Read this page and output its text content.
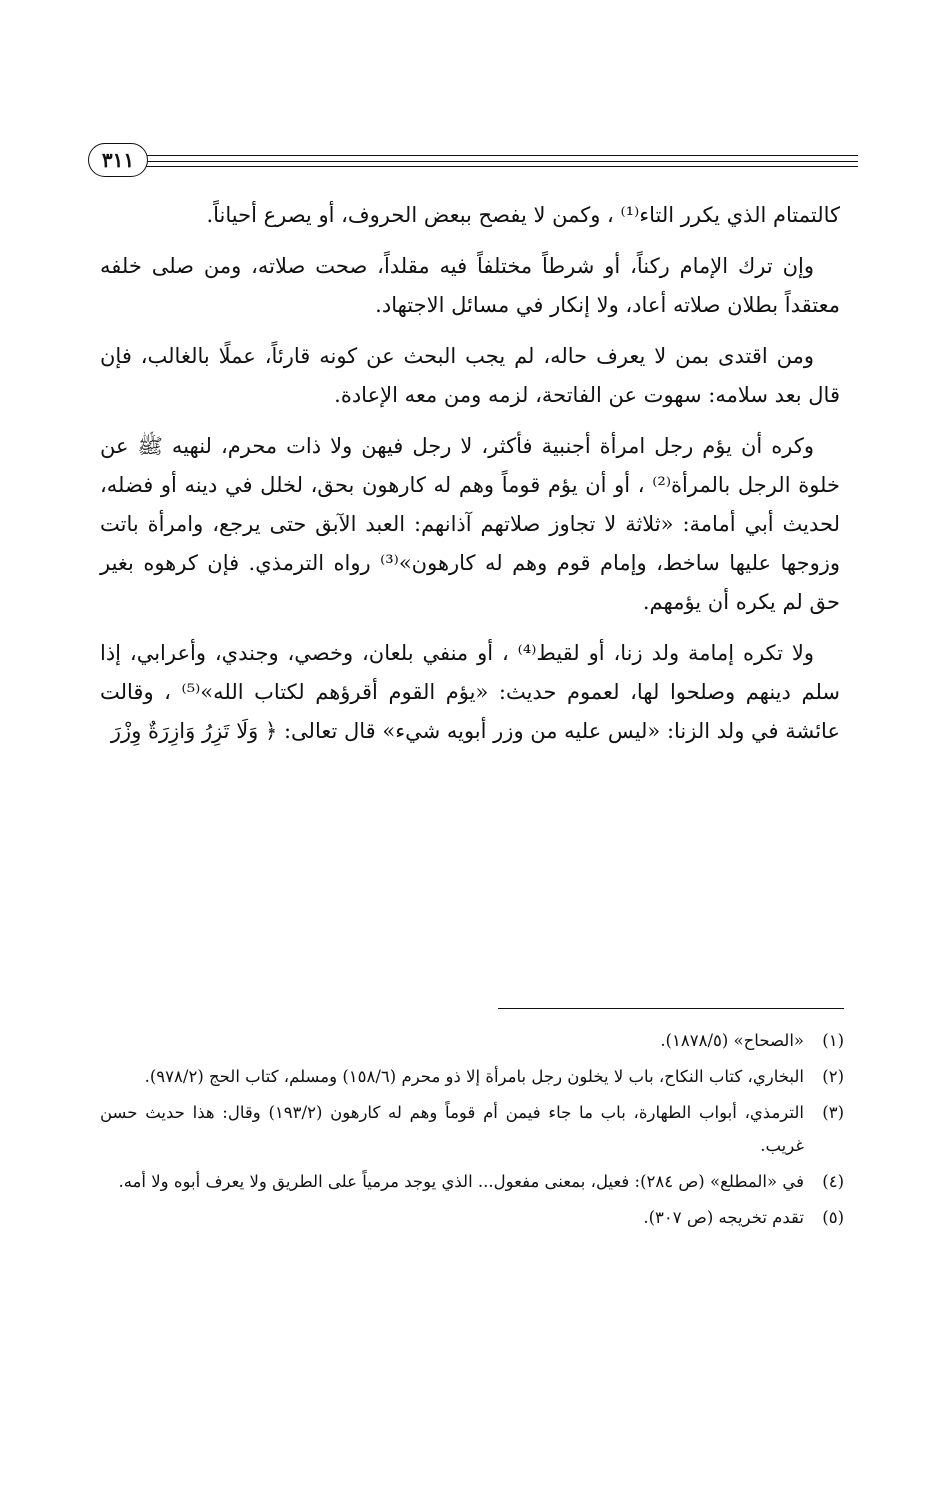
٣١١

كالتمتام الذي يكرر التاء⁽¹⁾ ، وكمن لا يفصح ببعض الحروف، أو يصرع أحياناً.

وإن ترك الإمام ركناً، أو شرطاً مختلفاً فيه مقلداً، صحت صلاته، ومن صلى خلفه معتقداً بطلان صلاته أعاد، ولا إنكار في مسائل الاجتهاد.

ومن اقتدى بمن لا يعرف حاله، لم يجب البحث عن كونه قارئاً، عملًا بالغالب، فإن قال بعد سلامه: سهوت عن الفاتحة، لزمه ومن معه الإعادة.

وكره أن يؤم رجل امرأة أجنبية فأكثر، لا رجل فيهن ولا ذات محرم، لنهيه ﷺ عن خلوة الرجل بالمرأة⁽²⁾ ، أو أن يؤم قوماً وهم له كارهون بحق، لخلل في دينه أو فضله، لحديث أبي أمامة: «ثلاثة لا تجاوز صلاتهم آذانهم: العبد الآبق حتى يرجع، وامرأة باتت وزوجها عليها ساخط، وإمام قوم وهم له كارهون»⁽³⁾ رواه الترمذي. فإن كرهوه بغير حق لم يكره أن يؤمهم.

ولا تكره إمامة ولد زنا، أو لقيط⁽⁴⁾ ، أو منفي بلعان، وخصي، وجندي، وأعرابي، إذا سلم دينهم وصلحوا لها، لعموم حديث: «يؤم القوم أقرؤهم لكتاب الله»⁽⁵⁾ ، وقالت عائشة في ولد الزنا: «ليس عليه من وزر أبويه شيء» قال تعالى: ﴿ وَلَا تَزِرُ وَازِرَةٌ وِزْرَ

(١)«الصحاح» (١٨٧٨/٥).
(٢)البخاري، كتاب النكاح، باب لا يخلون رجل بامرأة إلا ذو محرم (١٥٨/٦) ومسلم، كتاب الحج (٩٧٨/٢).
(٣)الترمذي، أبواب الطهارة، باب ما جاء فيمن أم قوماً وهم له كارهون (١٩٣/٢) وقال: هذا حديث حسن غريب.
(٤)في «المطلع» (ص ٢٨٤): فعيل، بمعنى مفعول... الذي يوجد مرمياً على الطريق ولا يعرف أبوه ولا أمه.
(٥)تقدم تخريجه (ص ٣٠٧).
